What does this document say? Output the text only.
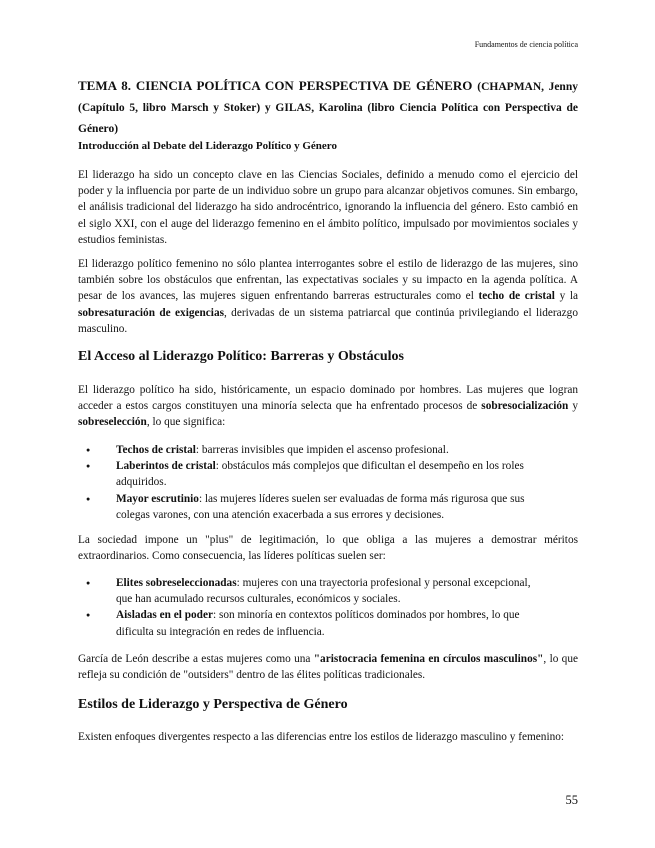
Fundamentos de ciencia política
TEMA 8. CIENCIA POLÍTICA CON PERSPECTIVA DE GÉNERO (CHAPMAN, Jenny (Capítulo 5, libro Marsch y Stoker) y GILAS, Karolina (libro Ciencia Política con Perspectiva de Género)
Introducción al Debate del Liderazgo Político y Género
El liderazgo ha sido un concepto clave en las Ciencias Sociales, definido a menudo como el ejercicio del poder y la influencia por parte de un individuo sobre un grupo para alcanzar objetivos comunes. Sin embargo, el análisis tradicional del liderazgo ha sido androcéntrico, ignorando la influencia del género. Esto cambió en el siglo XXI, con el auge del liderazgo femenino en el ámbito político, impulsado por movimientos sociales y estudios feministas.
El liderazgo político femenino no sólo plantea interrogantes sobre el estilo de liderazgo de las mujeres, sino también sobre los obstáculos que enfrentan, las expectativas sociales y su impacto en la agenda política. A pesar de los avances, las mujeres siguen enfrentando barreras estructurales como el techo de cristal y la sobresaturación de exigencias, derivadas de un sistema patriarcal que continúa privilegiando el liderazgo masculino.
El Acceso al Liderazgo Político: Barreras y Obstáculos
El liderazgo político ha sido, históricamente, un espacio dominado por hombres. Las mujeres que logran acceder a estos cargos constituyen una minoría selecta que ha enfrentado procesos de sobresocialización y sobreselección, lo que significa:
● Techos de cristal: barreras invisibles que impiden el ascenso profesional.
● Laberintos de cristal: obstáculos más complejos que dificultan el desempeño en los roles adquiridos.
● Mayor escrutinio: las mujeres líderes suelen ser evaluadas de forma más rigurosa que sus colegas varones, con una atención exacerbada a sus errores y decisiones.
La sociedad impone un "plus" de legitimación, lo que obliga a las mujeres a demostrar méritos extraordinarios. Como consecuencia, las líderes políticas suelen ser:
● Elites sobreseleccionadas: mujeres con una trayectoria profesional y personal excepcional, que han acumulado recursos culturales, económicos y sociales.
● Aisladas en el poder: son minoría en contextos políticos dominados por hombres, lo que dificulta su integración en redes de influencia.
García de León describe a estas mujeres como una "aristocracia femenina en círculos masculinos", lo que refleja su condición de "outsiders" dentro de las élites políticas tradicionales.
Estilos de Liderazgo y Perspectiva de Género
Existen enfoques divergentes respecto a las diferencias entre los estilos de liderazgo masculino y femenino:
55
